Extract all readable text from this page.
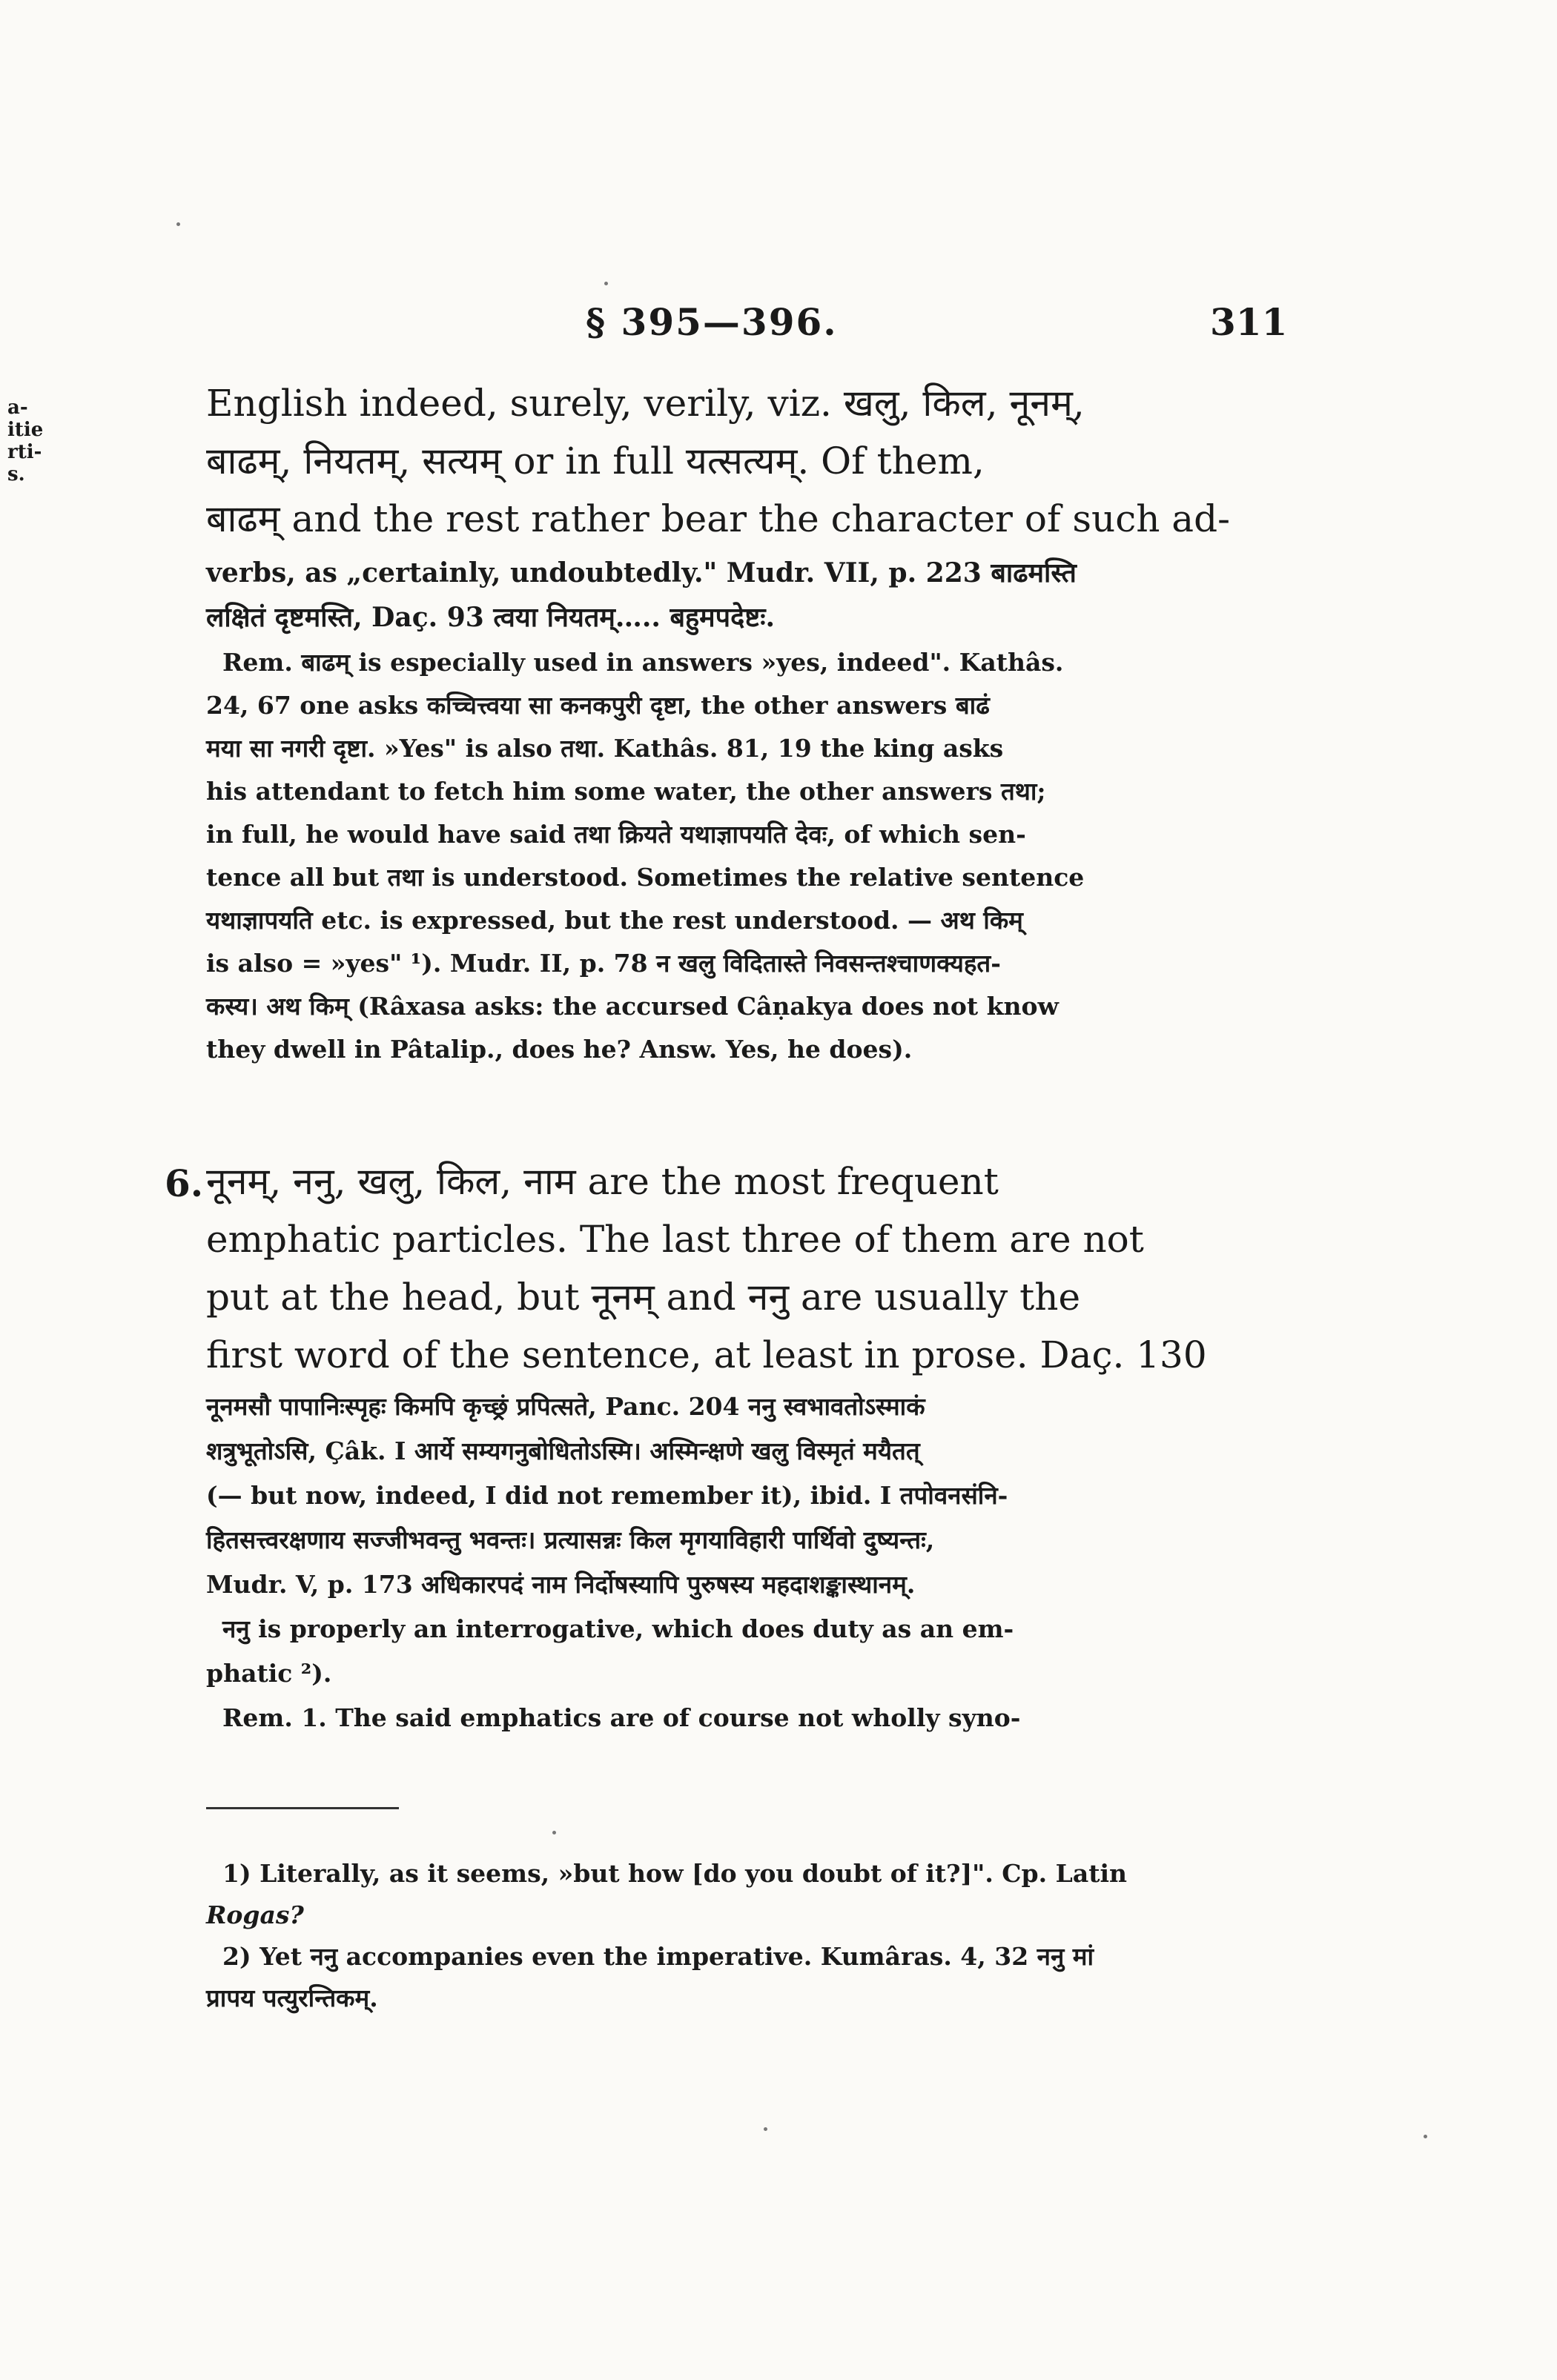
§ 395—396.	311
a-
itie
rti-
s.
English indeed, surely, verily, viz. खलु, किल, नूनम्,
बाढम्, नियतम्, सत्यम् or in full यत्सत्यम्. Of them,
बाढम् and the rest rather bear the character of such ad-
verbs, as „certainly, undoubtedly." Mudr. VII, p. 223 बाढमस्ति
लक्षितं दृष्टमस्ति, Daç. 93 त्वया नियतम्….. बहुमपदेष्टः.
Rem. बाढम् is especially used in answers »yes, indeed". Kathâs.
24, 67 one asks कच्चित्त्वया सा कनकपुरी दृष्टा, the other answers बाढं
मया सा नगरी दृष्टा. »Yes" is also तथा. Kathâs. 81, 19 the king asks
his attendant to fetch him some water, the other answers तथा;
in full, he would have said तथा क्रियते यथाज्ञापयति देवः, of which sen-
tence all but तथा is understood. Sometimes the relative sentence
यथाज्ञापयति etc. is expressed, but the rest understood. — अथ किम्
is also = »yes" ¹). Mudr. II, p. 78 न खलु विदितास्ते निवसन्तश्चाणक्यहत-
कस्य। अथ किम् (Râxasa asks: the accursed Câṇakya does not know
they dwell in Pâtalip., does he? Answ. Yes, he does).
6. नूनम्, ननु, खलु, किल, नाम are the most frequent
emphatic particles. The last three of them are not
put at the head, but नूनम् and ननु are usually the
first word of the sentence, at least in prose. Daç. 130
नूनमसौ पापानिःस्पृहः किमपि कृच्छ्रं प्रपित्सते, Panc. 204 ननु स्वभावतोऽस्माकं
शत्रुभूतोऽसि, Çâk. I आर्ये सम्यगनुबोधितोऽस्मि। अस्मिन्क्षणे खलु विस्मृतं मयैतत्
(— but now, indeed, I did not remember it), ibid. I तपोवनसंनि-
हितसत्त्वरक्षणाय सज्जीभवन्तु भवन्तः। प्रत्यासन्नः किल मृगयाविहारी पार्थिवो दुष्यन्तः,
Mudr. V, p. 173 अधिकारपदं नाम निर्दोषस्यापि पुरुषस्य महदाशङ्कास्थानम्.
ननु is properly an interrogative, which does duty as an em-
phatic ²).
Rem. 1. The said emphatics are of course not wholly syno-
1) Literally, as it seems, »but how [do you doubt of it?]". Cp. Latin
Rogas?
2) Yet ननु accompanies even the imperative. Kumâras. 4, 32 ननु मां
प्रापय पत्युरन्तिकम्.
